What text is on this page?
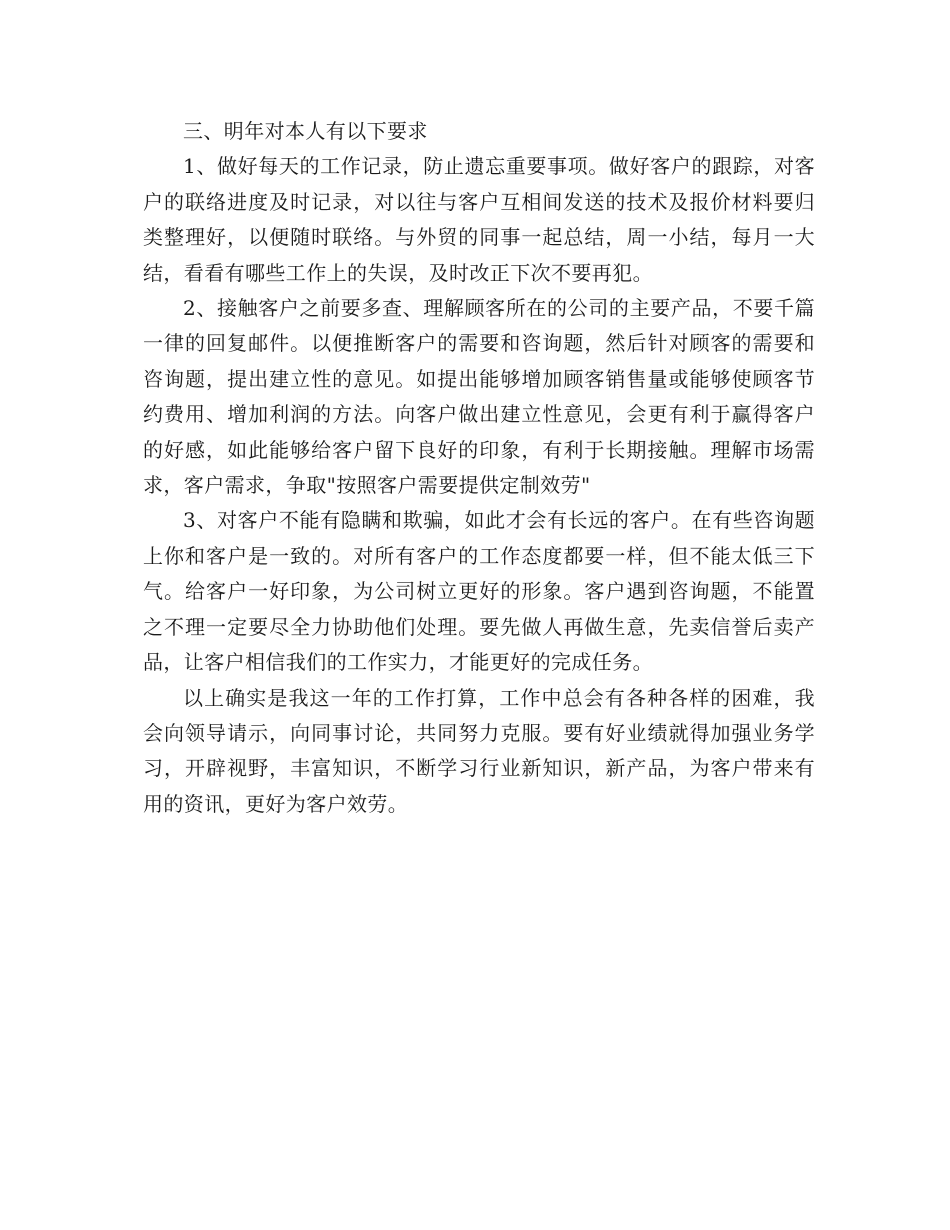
三、明年对本人有以下要求

1、做好每天的工作记录，防止遗忘重要事项。做好客户的跟踪，对客户的联络进度及时记录，对以往与客户互相间发送的技术及报价材料要归类整理好，以便随时联络。与外贸的同事一起总结，周一小结，每月一大结，看看有哪些工作上的失误，及时改正下次不要再犯。

2、接触客户之前要多查、理解顾客所在的公司的主要产品，不要千篇一律的回复邮件。以便推断客户的需要和咨询题，然后针对顾客的需要和咨询题，提出建立性的意见。如提出能够增加顾客销售量或能够使顾客节约费用、增加利润的方法。向客户做出建立性意见，会更有利于赢得客户的好感，如此能够给客户留下良好的印象，有利于长期接触。理解市场需求，客户需求，争取"按照客户需要提供定制效劳"

3、对客户不能有隐瞒和欺骗，如此才会有长远的客户。在有些咨询题上你和客户是一致的。对所有客户的工作态度都要一样，但不能太低三下气。给客户一好印象，为公司树立更好的形象。客户遇到咨询题，不能置之不理一定要尽全力协助他们处理。要先做人再做生意，先卖信誉后卖产品，让客户相信我们的工作实力，才能更好的完成任务。

以上确实是我这一年的工作打算，工作中总会有各种各样的困难，我会向领导请示，向同事讨论，共同努力克服。要有好业绩就得加强业务学习，开辟视野，丰富知识，不断学习行业新知识，新产品，为客户带来有用的资讯，更好为客户效劳。
